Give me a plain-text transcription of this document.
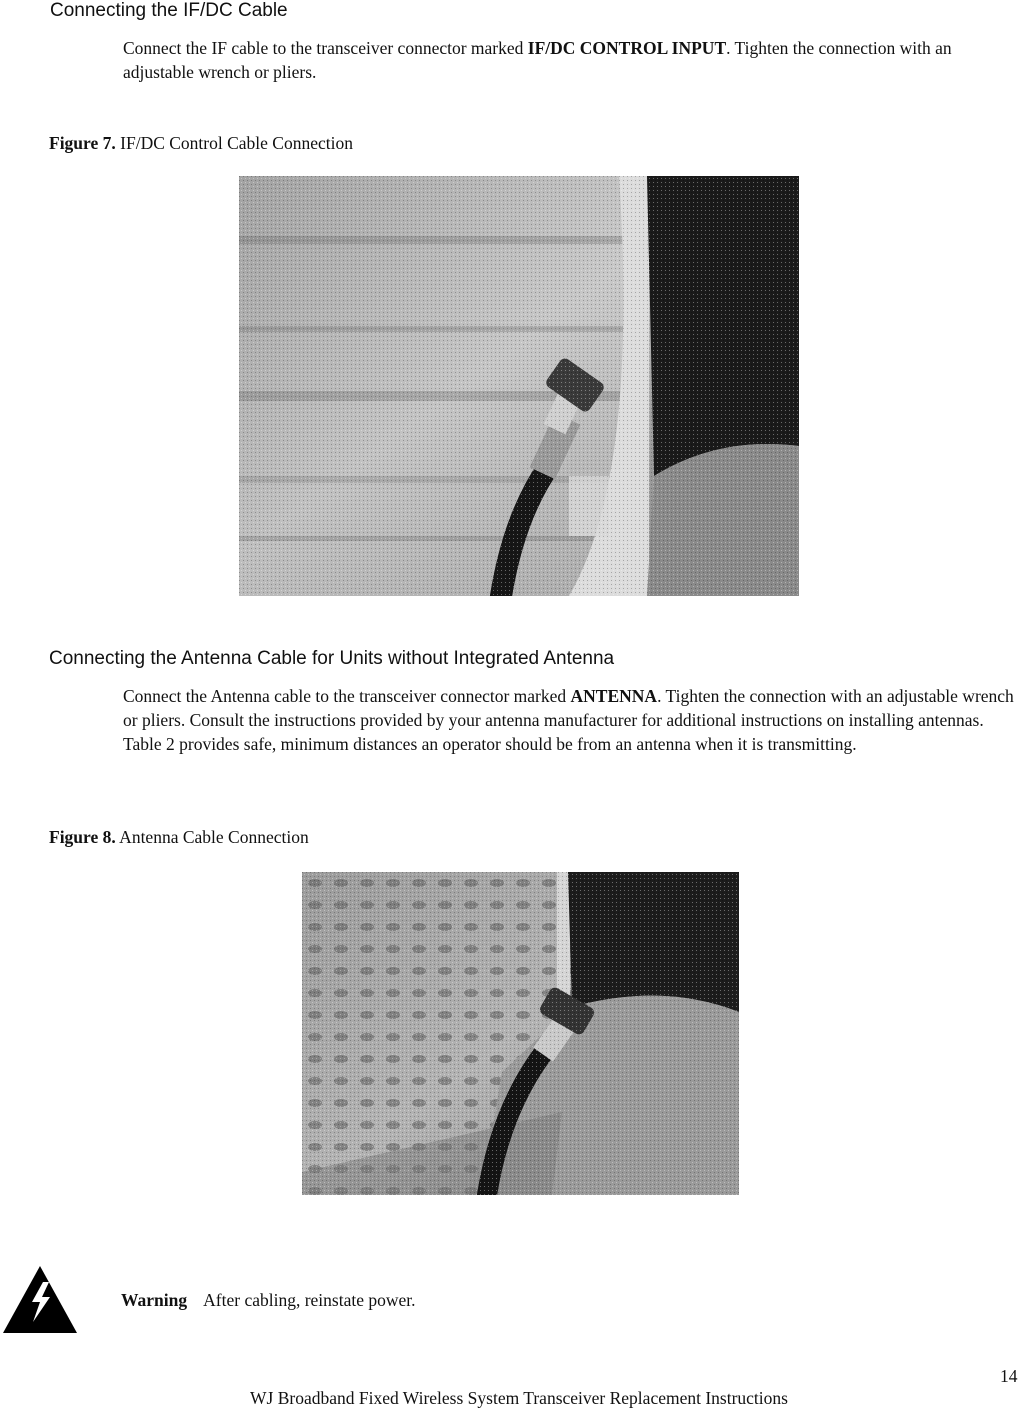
Connecting the IF/DC Cable
Connect the IF cable to the transceiver connector marked IF/DC CONTROL INPUT. Tighten the connection with an adjustable wrench or pliers.
Figure 7. IF/DC Control Cable Connection
Connecting the Antenna Cable for Units without Integrated Antenna
Connect the Antenna cable to the transceiver connector marked ANTENNA. Tighten the connection with an adjustable wrench or pliers. Consult the instructions provided by your antenna manufacturer for additional instructions on installing antennas. Table 2 provides safe, minimum distances an operator should be from an antenna when it is transmitting.
Figure 8. Antenna Cable Connection
Warning After cabling, reinstate power.
14
WJ Broadband Fixed Wireless System Transceiver Replacement Instructions
